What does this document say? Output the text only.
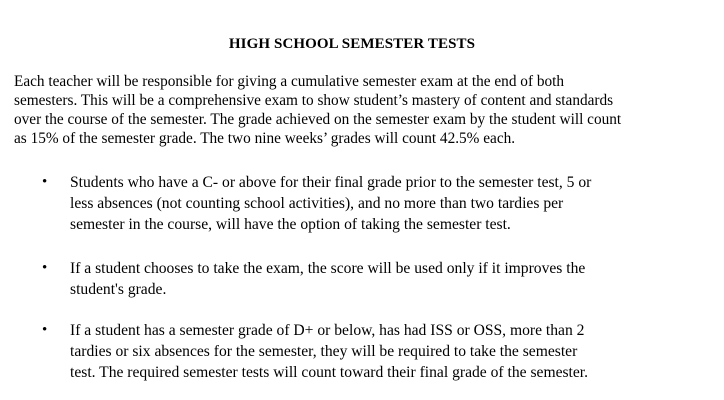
HIGH SCHOOL SEMESTER TESTS

Each teacher will be responsible for giving a cumulative semester exam at the end of both
semesters. This will be a comprehensive exam to show student’s mastery of content and standards
over the course of the semester. The grade achieved on the semester exam by the student will count
as 15% of the semester grade. The two nine weeks’ grades will count 42.5% each.

• Students who have a C- or above for their final grade prior to the semester test, 5 or
less absences (not counting school activities), and no more than two tardies per
semester in the course, will have the option of taking the semester test.
• If a student chooses to take the exam, the score will be used only if it improves the
student's grade.
• If a student has a semester grade of D+ or below, has had ISS or OSS, more than 2
tardies or six absences for the semester, they will be required to take the semester
test. The required semester tests will count toward their final grade of the semester.
